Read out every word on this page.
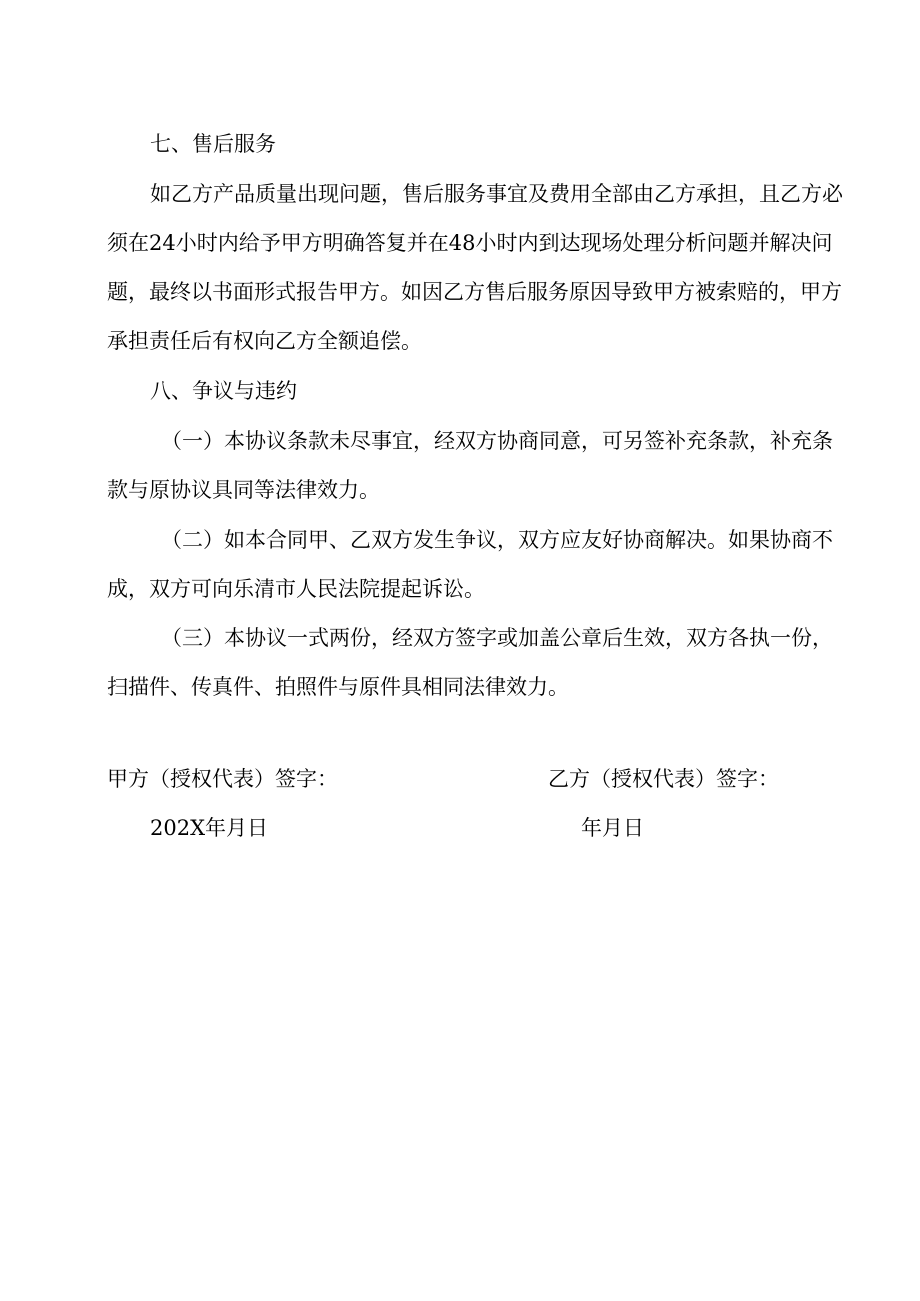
七、售后服务
如乙方产品质量出现问题，售后服务事宜及费用全部由乙方承担，且乙方必
须在24小时内给予甲方明确答复并在48小时内到达现场处理分析问题并解决问
题，最终以书面形式报告甲方。如因乙方售后服务原因导致甲方被索赔的，甲方
承担责任后有权向乙方全额追偿。
八、争议与违约
（一）本协议条款未尽事宜，经双方协商同意，可另签补充条款，补充条
款与原协议具同等法律效力。
（二）如本合同甲、乙双方发生争议，双方应友好协商解决。如果协商不
成，双方可向乐清市人民法院提起诉讼。
（三）本协议一式两份，经双方签字或加盖公章后生效，双方各执一份，
扫描件、传真件、拍照件与原件具相同法律效力。
甲方（授权代表）签字：	乙方（授权代表）签字：
202X年月日	年月日
